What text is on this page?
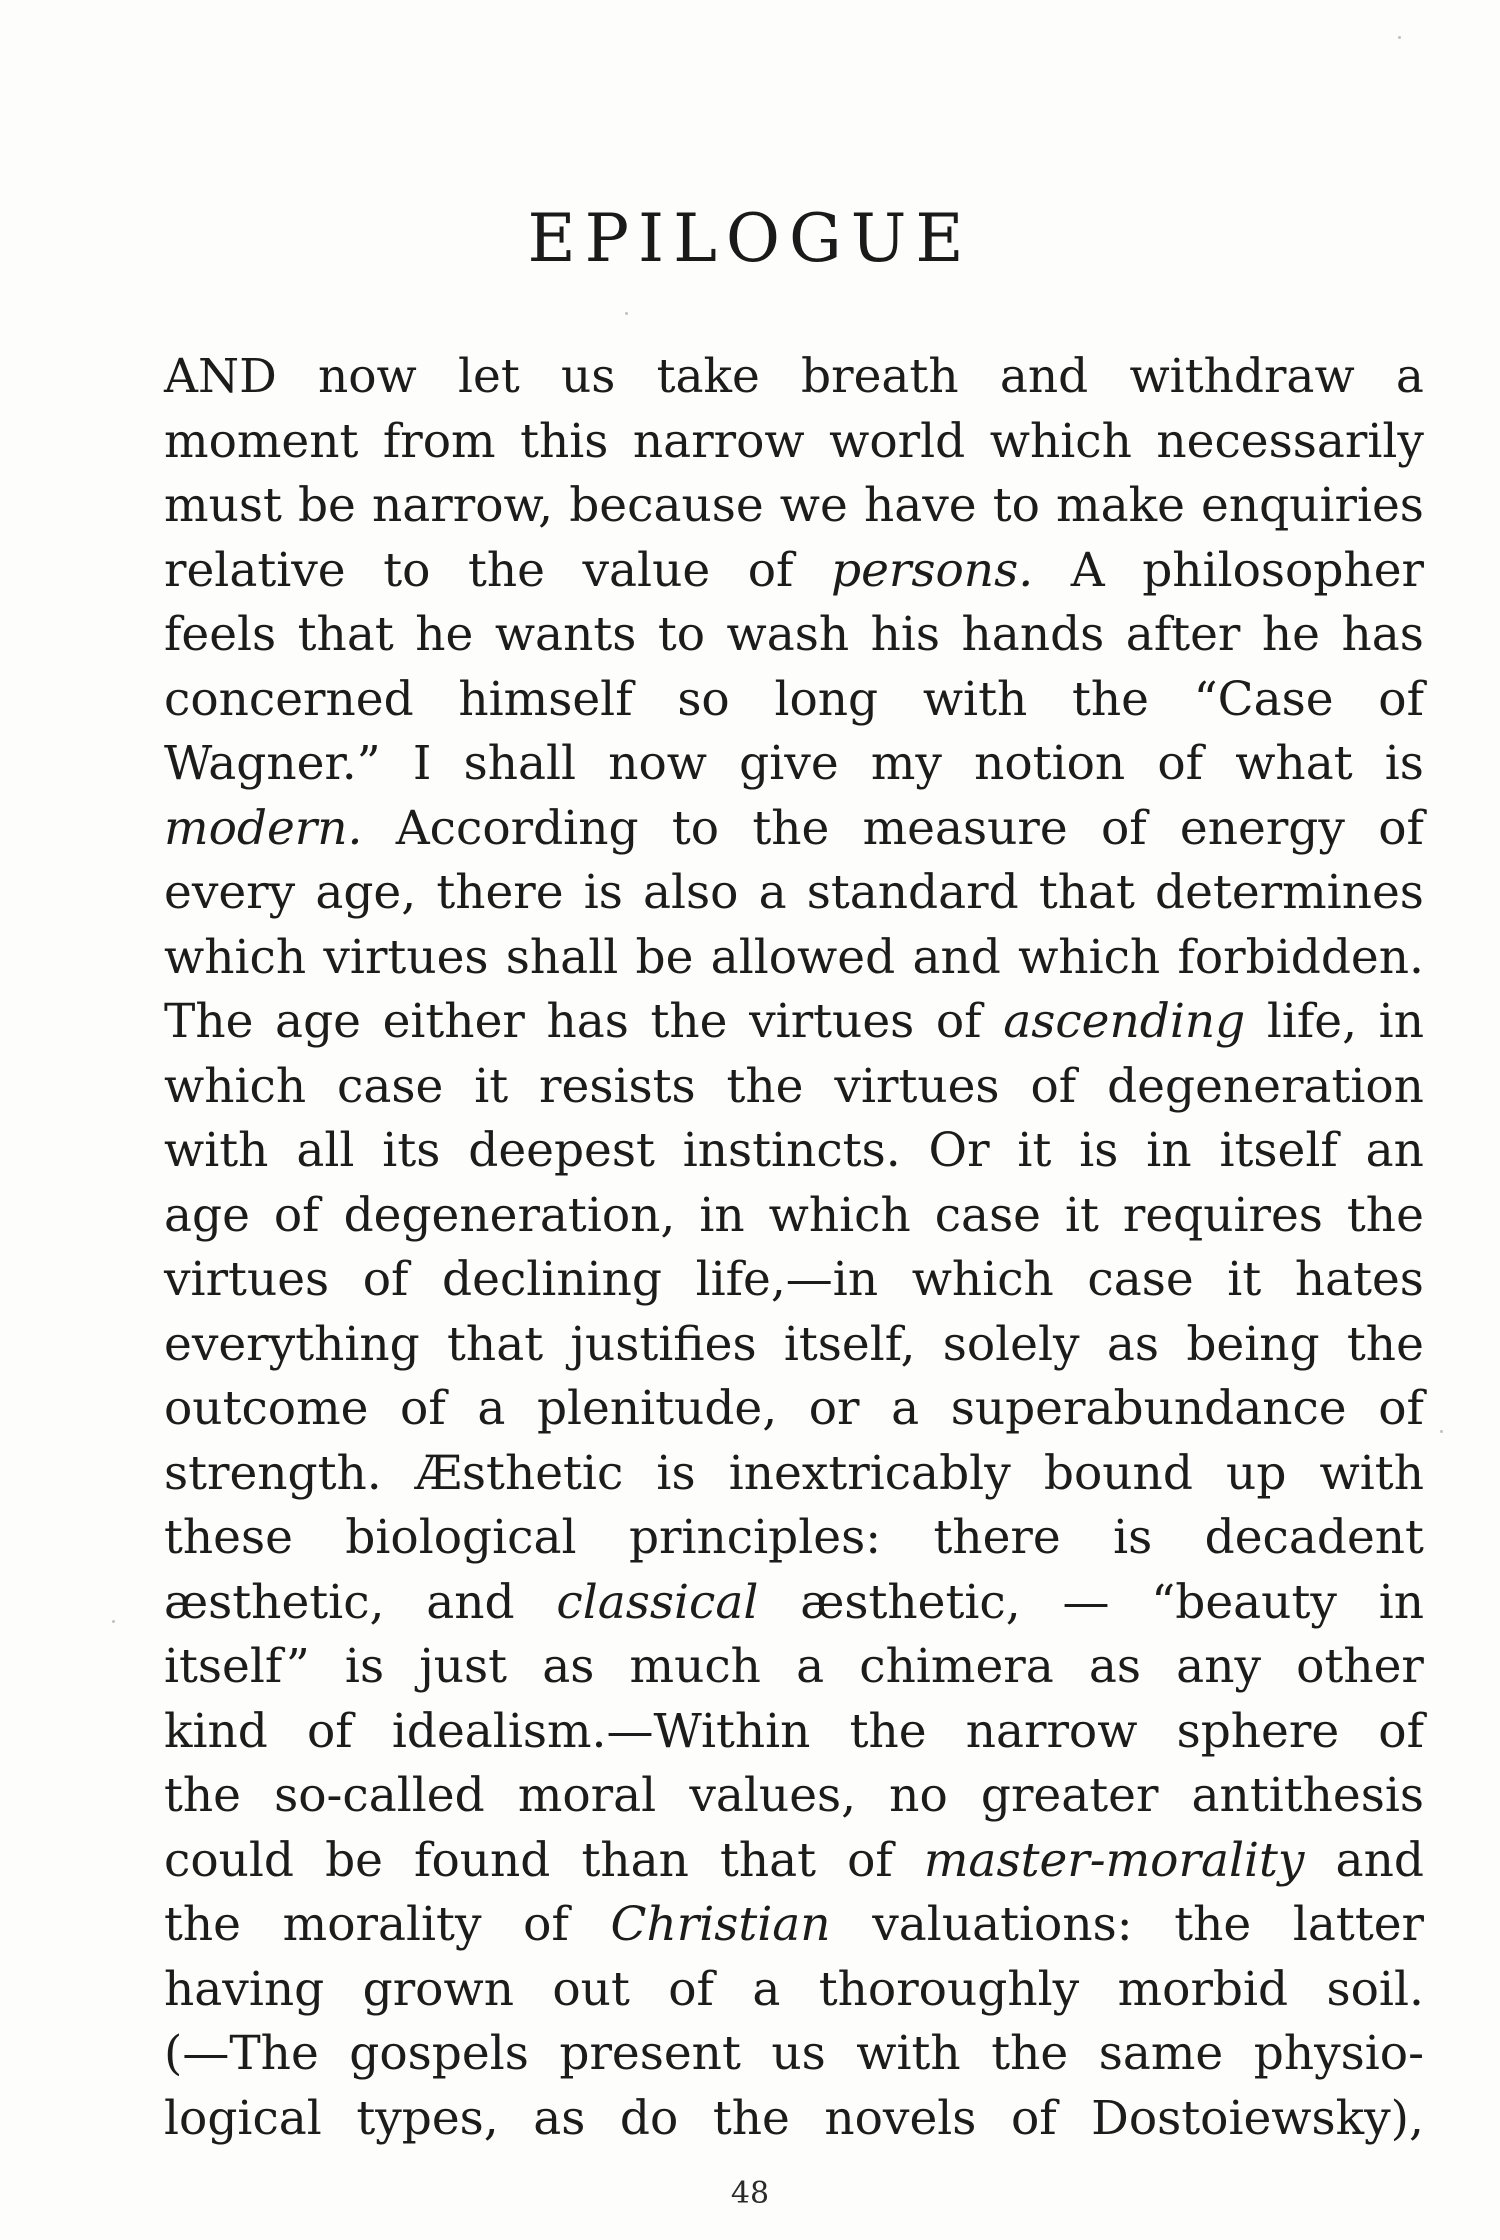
EPILOGUE
AND now let us take breath and withdraw a
moment from this narrow world which necessarily
must be narrow, because we have to make enquiries
relative to the value of persons. A philosopher
feels that he wants to wash his hands after he has
concerned himself so long with the “Case of
Wagner.” I shall now give my notion of what is
modern. According to the measure of energy of
every age, there is also a standard that determines
which virtues shall be allowed and which forbidden.
The age either has the virtues of ascending life, in
which case it resists the virtues of degeneration
with all its deepest instincts. Or it is in itself an
age of degeneration, in which case it requires the
virtues of declining life,—in which case it hates
everything that justifies itself, solely as being the
outcome of a plenitude, or a superabundance of
strength. Æsthetic is inextricably bound up with
these biological principles: there is decadent
æsthetic, and classical æsthetic, — “beauty in
itself” is just as much a chimera as any other
kind of idealism.—Within the narrow sphere of
the so-called moral values, no greater antithesis
could be found than that of master-morality and
the morality of Christian valuations: the latter
having grown out of a thoroughly morbid soil.
(—The gospels present us with the same physio-
logical types, as do the novels of Dostoiewsky),
48
